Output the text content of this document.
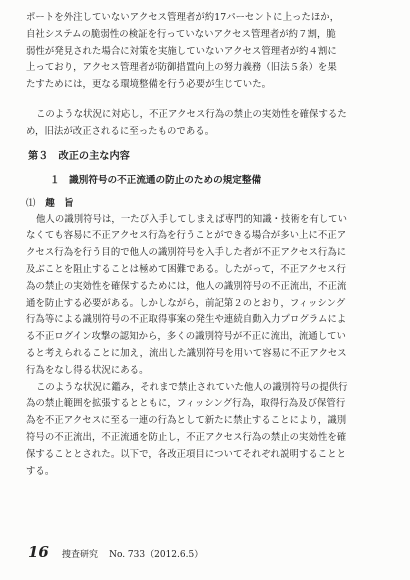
ポートを外注していないアクセス管理者が約17パーセントに上ったほか，

自社システムの脆弱性の検証を行っていないアクセス管理者が約７割，脆

弱性が発見された場合に対策を実施していないアクセス管理者が約４割に

上っており，アクセス管理者が防御措置向上の努力義務（旧法５条）を果

たすためには，更なる環境整備を行う必要が生じていた。

このような状況に対応し，不正アクセス行為の禁止の実効性を確保するた

め，旧法が改正されるに至ったものである。

第３　改正の主な内容

１　識別符号の不正流通の防止のための規定整備

⑴ 趣　旨

他人の識別符号は，一たび入手してしまえば専門的知識・技術を有してい

なくても容易に不正アクセス行為を行うことができる場合が多い上に不正ア

クセス行為を行う目的で他人の識別符号を入手した者が不正アクセス行為に

及ぶことを阻止することは極めて困難である。したがって，不正アクセス行

為の禁止の実効性を確保するためには，他人の識別符号の不正流出，不正流

通を防止する必要がある。しかしながら，前記第２のとおり，フィッシング

行為等による識別符号の不正取得事案の発生や連続自動入力プログラムによ

る不正ログイン攻撃の認知から，多くの識別符号が不正に流出，流通してい

ると考えられることに加え，流出した識別符号を用いて容易に不正アクセス

行為をなし得る状況にある。

このような状況に鑑み，それまで禁止されていた他人の識別符号の提供行

為の禁止範囲を拡張するとともに，フィッシング行為，取得行為及び保管行

為を不正アクセスに至る一連の行為として新たに禁止することにより，識別

符号の不正流出，不正流通を防止し，不正アクセス行為の禁止の実効性を確

保することとされた。以下で，各改正項目についてそれぞれ説明することと

する。

16 捜査研究 No. 733（2012.6.5）
